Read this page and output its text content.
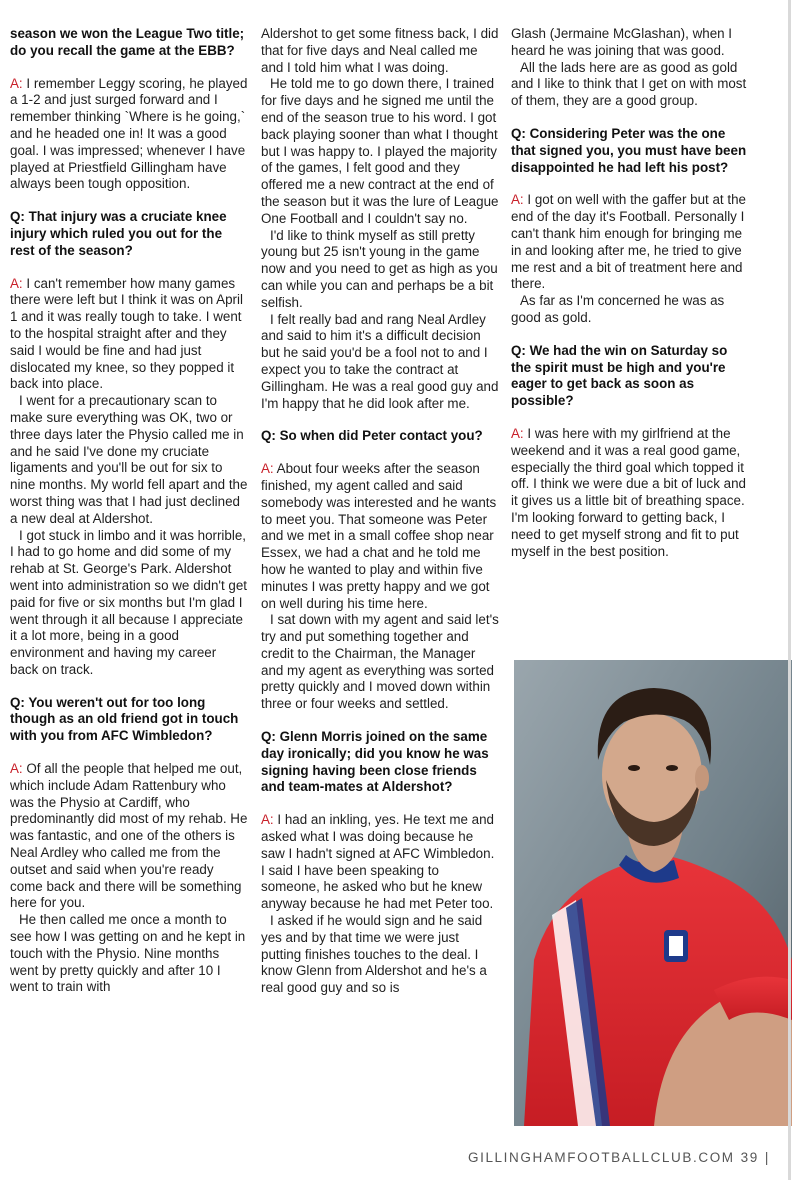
season we won the League Two title; do you recall the game at the EBB?

A: I remember Leggy scoring, he played a 1-2 and just surged forward and I remember thinking `Where is he going,` and he headed one in! It was a good goal. I was impressed; whenever I have played at Priestfield Gillingham have always been tough opposition.

Q: That injury was a cruciate knee injury which ruled you out for the rest of the season?

A: I can't remember how many games there were left but I think it was on April 1 and it was really tough to take. I went to the hospital straight after and they said I would be fine and had just dislocated my knee, so they popped it back into place.

I went for a precautionary scan to make sure everything was OK, two or three days later the Physio called me in and he said I've done my cruciate ligaments and you'll be out for six to nine months. My world fell apart and the worst thing was that I had just declined a new deal at Aldershot.

I got stuck in limbo and it was horrible, I had to go home and did some of my rehab at St. George's Park. Aldershot went into administration so we didn't get paid for five or six months but I'm glad I went through it all because I appreciate it a lot more, being in a good environment and having my career back on track.

Q: You weren't out for too long though as an old friend got in touch with you from AFC Wimbledon?

A: Of all the people that helped me out, which include Adam Rattenbury who was the Physio at Cardiff, who predominantly did most of my rehab. He was fantastic, and one of the others is Neal Ardley who called me from the outset and said when you're ready come back and there will be something here for you.

He then called me once a month to see how I was getting on and he kept in touch with the Physio. Nine months went by pretty quickly and after 10 I went to train with

Aldershot to get some fitness back, I did that for five days and Neal called me and I told him what I was doing.

He told me to go down there, I trained for five days and he signed me until the end of the season true to his word. I got back playing sooner than what I thought but I was happy to. I played the majority of the games, I felt good and they offered me a new contract at the end of the season but it was the lure of League One Football and I couldn't say no.

I'd like to think myself as still pretty young but 25 isn't young in the game now and you need to get as high as you can while you can and perhaps be a bit selfish.

I felt really bad and rang Neal Ardley and said to him it's a difficult decision but he said you'd be a fool not to and I expect you to take the contract at Gillingham. He was a real good guy and I'm happy that he did look after me.

Q: So when did Peter contact you?

A: About four weeks after the season finished, my agent called and said somebody was interested and he wants to meet you. That someone was Peter and we met in a small coffee shop near Essex, we had a chat and he told me how he wanted to play and within five minutes I was pretty happy and we got on well during his time here.

I sat down with my agent and said let's try and put something together and credit to the Chairman, the Manager and my agent as everything was sorted pretty quickly and I moved down within three or four weeks and settled.

Q: Glenn Morris joined on the same day ironically; did you know he was signing having been close friends and team-mates at Aldershot?

A: I had an inkling, yes. He text me and asked what I was doing because he saw I hadn't signed at AFC Wimbledon. I said I have been speaking to someone, he asked who but he knew anyway because he had met Peter too.

I asked if he would sign and he said yes and by that time we were just putting finishes touches to the deal. I know Glenn from Aldershot and he's a real good guy and so is

Glash (Jermaine McGlashan), when I heard he was joining that was good.

All the lads here are as good as gold and I like to think that I get on with most of them, they are a good group.

Q: Considering Peter was the one that signed you, you must have been disappointed he had left his post?

A: I got on well with the gaffer but at the end of the day it's Football. Personally I can't thank him enough for bringing me in and looking after me, he tried to give me rest and a bit of treatment here and there.

As far as I'm concerned he was as good as gold.

Q: We had the win on Saturday so the spirit must be high and you're eager to get back as soon as possible?

A: I was here with my girlfriend at the weekend and it was a real good game, especially the third goal which topped it off. I think we were due a bit of luck and it gives us a little bit of breathing space.

I'm looking forward to getting back, I need to get myself strong and fit to put myself in the best position.

GILLINGHAMFOOTBALLCLUB.COM 39 |
